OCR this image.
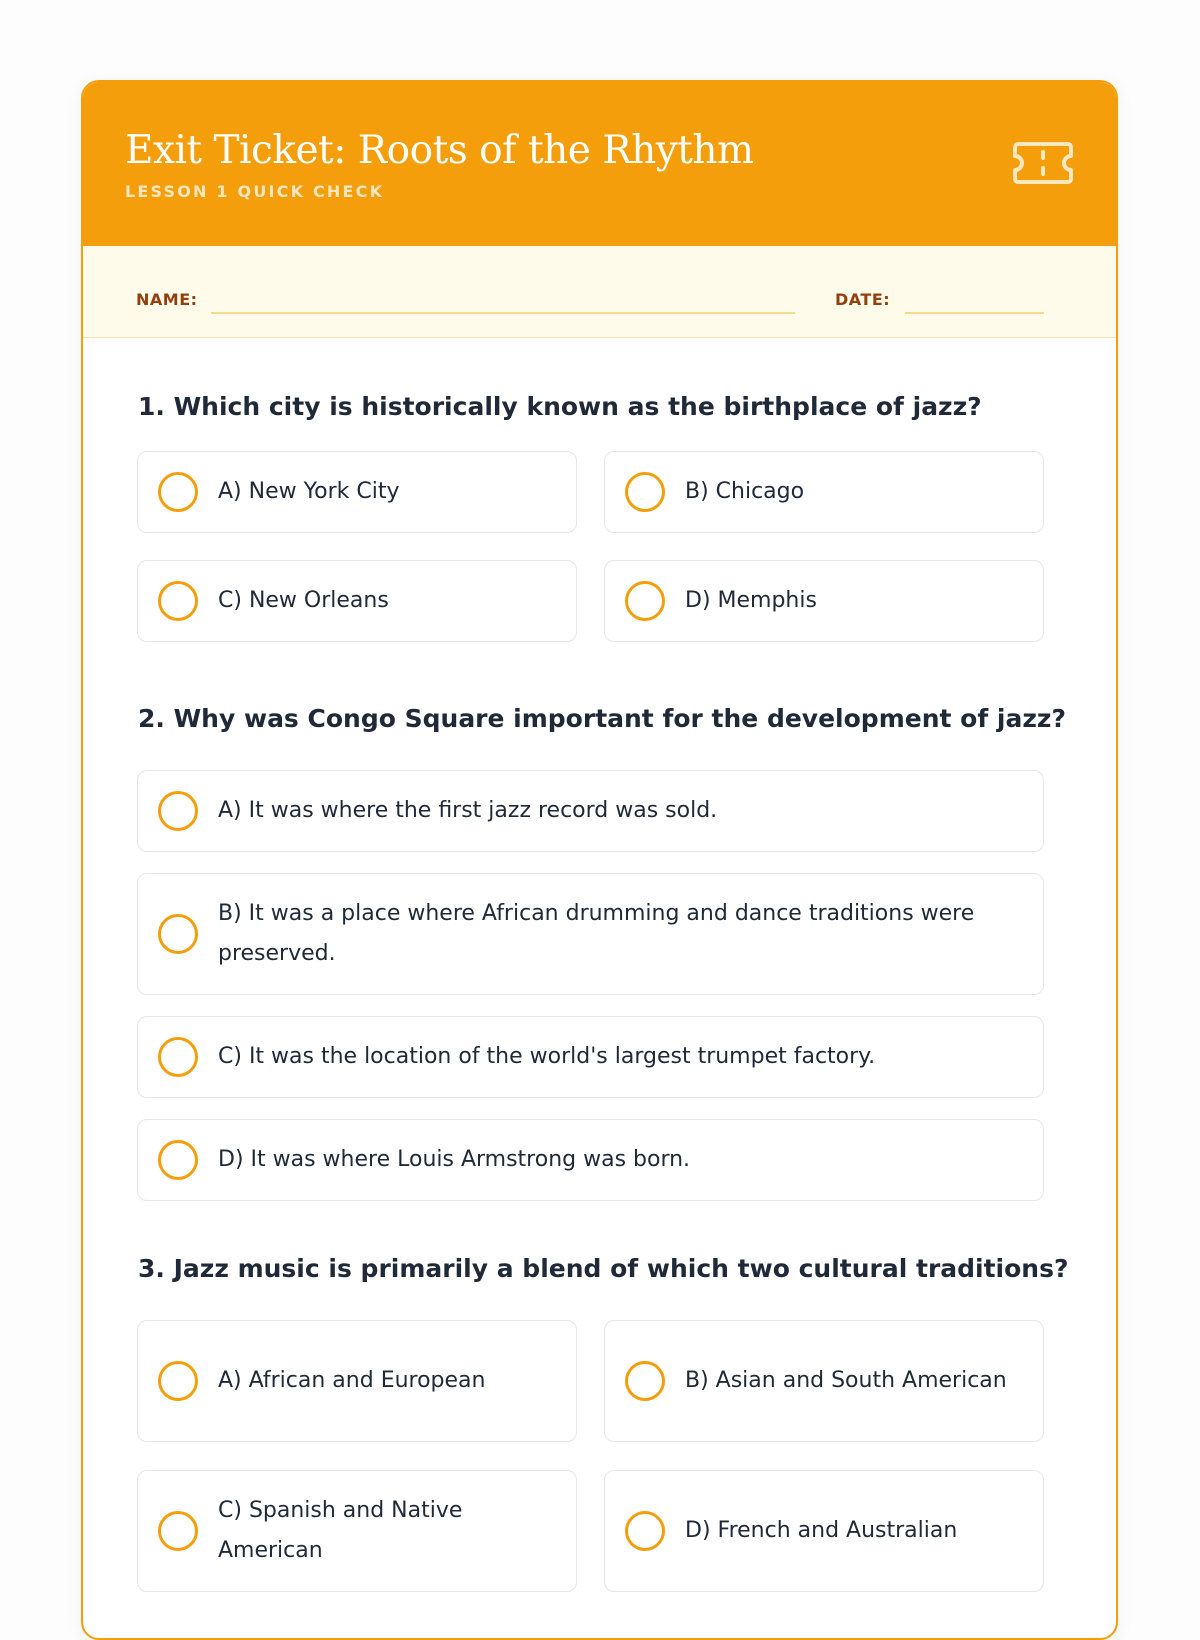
Exit Ticket: Roots of the Rhythm
LESSON 1 QUICK CHECK
NAME:	DATE:
1. Which city is historically known as the birthplace of jazz?
A) New York City	B) Chicago
C) New Orleans	D) Memphis
2. Why was Congo Square important for the development of jazz?
A) It was where the first jazz record was sold.
B) It was a place where African drumming and dance traditions were preserved.
C) It was the location of the world's largest trumpet factory.
D) It was where Louis Armstrong was born.
3. Jazz music is primarily a blend of which two cultural traditions?
A) African and European	B) Asian and South American
C) Spanish and Native American
D) French and Australian
